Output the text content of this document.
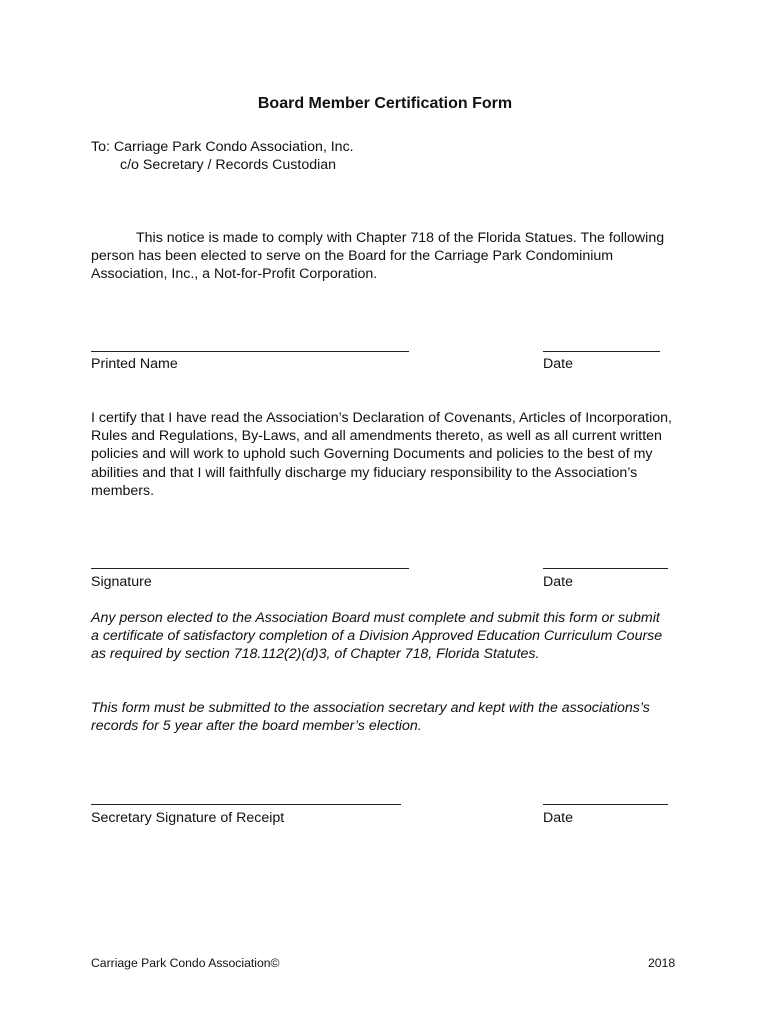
Board Member Certification Form
To: Carriage Park Condo Association, Inc.
c/o Secretary / Records Custodian
This notice is made to comply with Chapter 718 of the Florida Statues. The following person has been elected to serve on the Board for the Carriage Park Condominium Association, Inc., a Not-for-Profit Corporation.
Printed Name	Date
I certify that I have read the Association’s Declaration of Covenants, Articles of Incorporation, Rules and Regulations, By-Laws, and all amendments thereto, as well as all current written policies and will work to uphold such Governing Documents and policies to the best of my abilities and that I will faithfully discharge my fiduciary responsibility to the Association’s members.
Signature	Date
Any person elected to the Association Board must complete and submit this form or submit a certificate of satisfactory completion of a Division Approved Education Curriculum Course as required by section 718.112(2)(d)3, of Chapter 718, Florida Statutes.
This form must be submitted to the association secretary and kept with the associations’s records for 5 year after the board member’s election.
Secretary Signature of Receipt	Date
Carriage Park Condo Association©	2018
